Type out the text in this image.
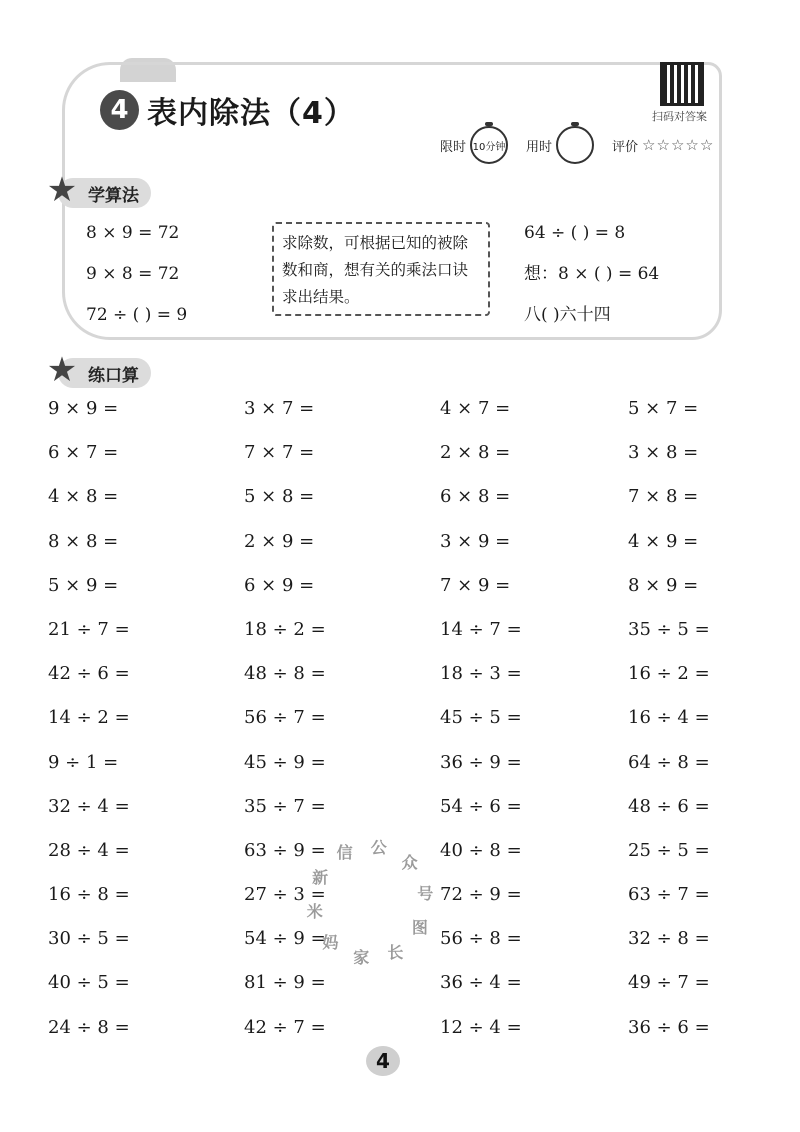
4 表内除法（4）	扫码对答案
限时 10分钟 用时	评价 ☆☆☆☆☆
★ 学算法
8 × 9 = 72
9 × 8 = 72
72 ÷ ( ) = 9
求除数，可根据已知的被除数和商，想有关的乘法口诀求出结果。
64 ÷ ( ) = 8
想：8 × ( ) = 64
八( )六十四
★ 练口算
9 × 9 =	3 × 7 =	4 × 7 =	5 × 7 =
6 × 7 =	7 × 7 =	2 × 8 =	3 × 8 =
4 × 8 =	5 × 8 =	6 × 8 =	7 × 8 =
8 × 8 =	2 × 9 =	3 × 9 =	4 × 9 =
5 × 9 =	6 × 9 =	7 × 9 =	8 × 9 =
21 ÷ 7 =	18 ÷ 2 =	14 ÷ 7 =	35 ÷ 5 =
42 ÷ 6 =	48 ÷ 8 =	18 ÷ 3 =	16 ÷ 2 =
14 ÷ 2 =	56 ÷ 7 =	45 ÷ 5 =	16 ÷ 4 =
9 ÷ 1 =	45 ÷ 9 =	36 ÷ 9 =	64 ÷ 8 =
32 ÷ 4 =	35 ÷ 7 =	54 ÷ 6 =	48 ÷ 6 =
28 ÷ 4 =	63 ÷ 9 =	40 ÷ 8 =	25 ÷ 5 =
16 ÷ 8 =	27 ÷ 3 =	72 ÷ 9 =	63 ÷ 7 =
30 ÷ 5 =	54 ÷ 9 =	56 ÷ 8 =	32 ÷ 8 =
40 ÷ 5 =	81 ÷ 9 =	36 ÷ 4 =	49 ÷ 7 =
24 ÷ 8 =	42 ÷ 7 =	12 ÷ 4 =	36 ÷ 6 =
新
信 公
众
号
图
长
家
妈
米
4
